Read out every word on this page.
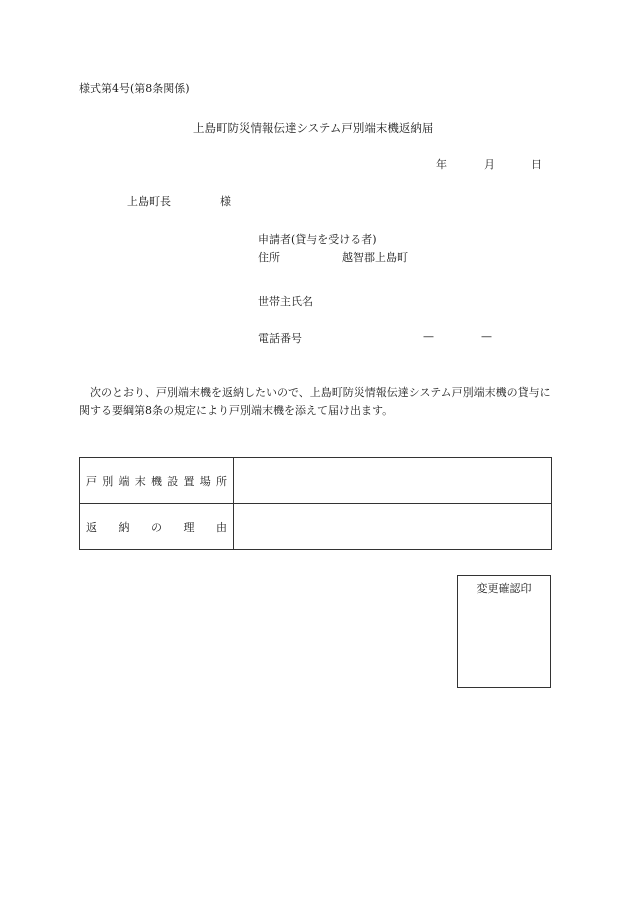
様式第4号(第8条関係)
上島町防災情報伝達システム戸別端末機返納届
年	月	日
上島町長	様
申請者(貸与を受ける者)
住所	越智郡上島町
世帯主氏名
電話番号	—	—
次のとおり、戸別端末機を返納したいので、上島町防災情報伝達システム戸別端末機の貸与に関する要綱第8条の規定により戸別端末機を添えて届け出ます。
戸別端末機設置場所	
返納の理由	
変更確認印
